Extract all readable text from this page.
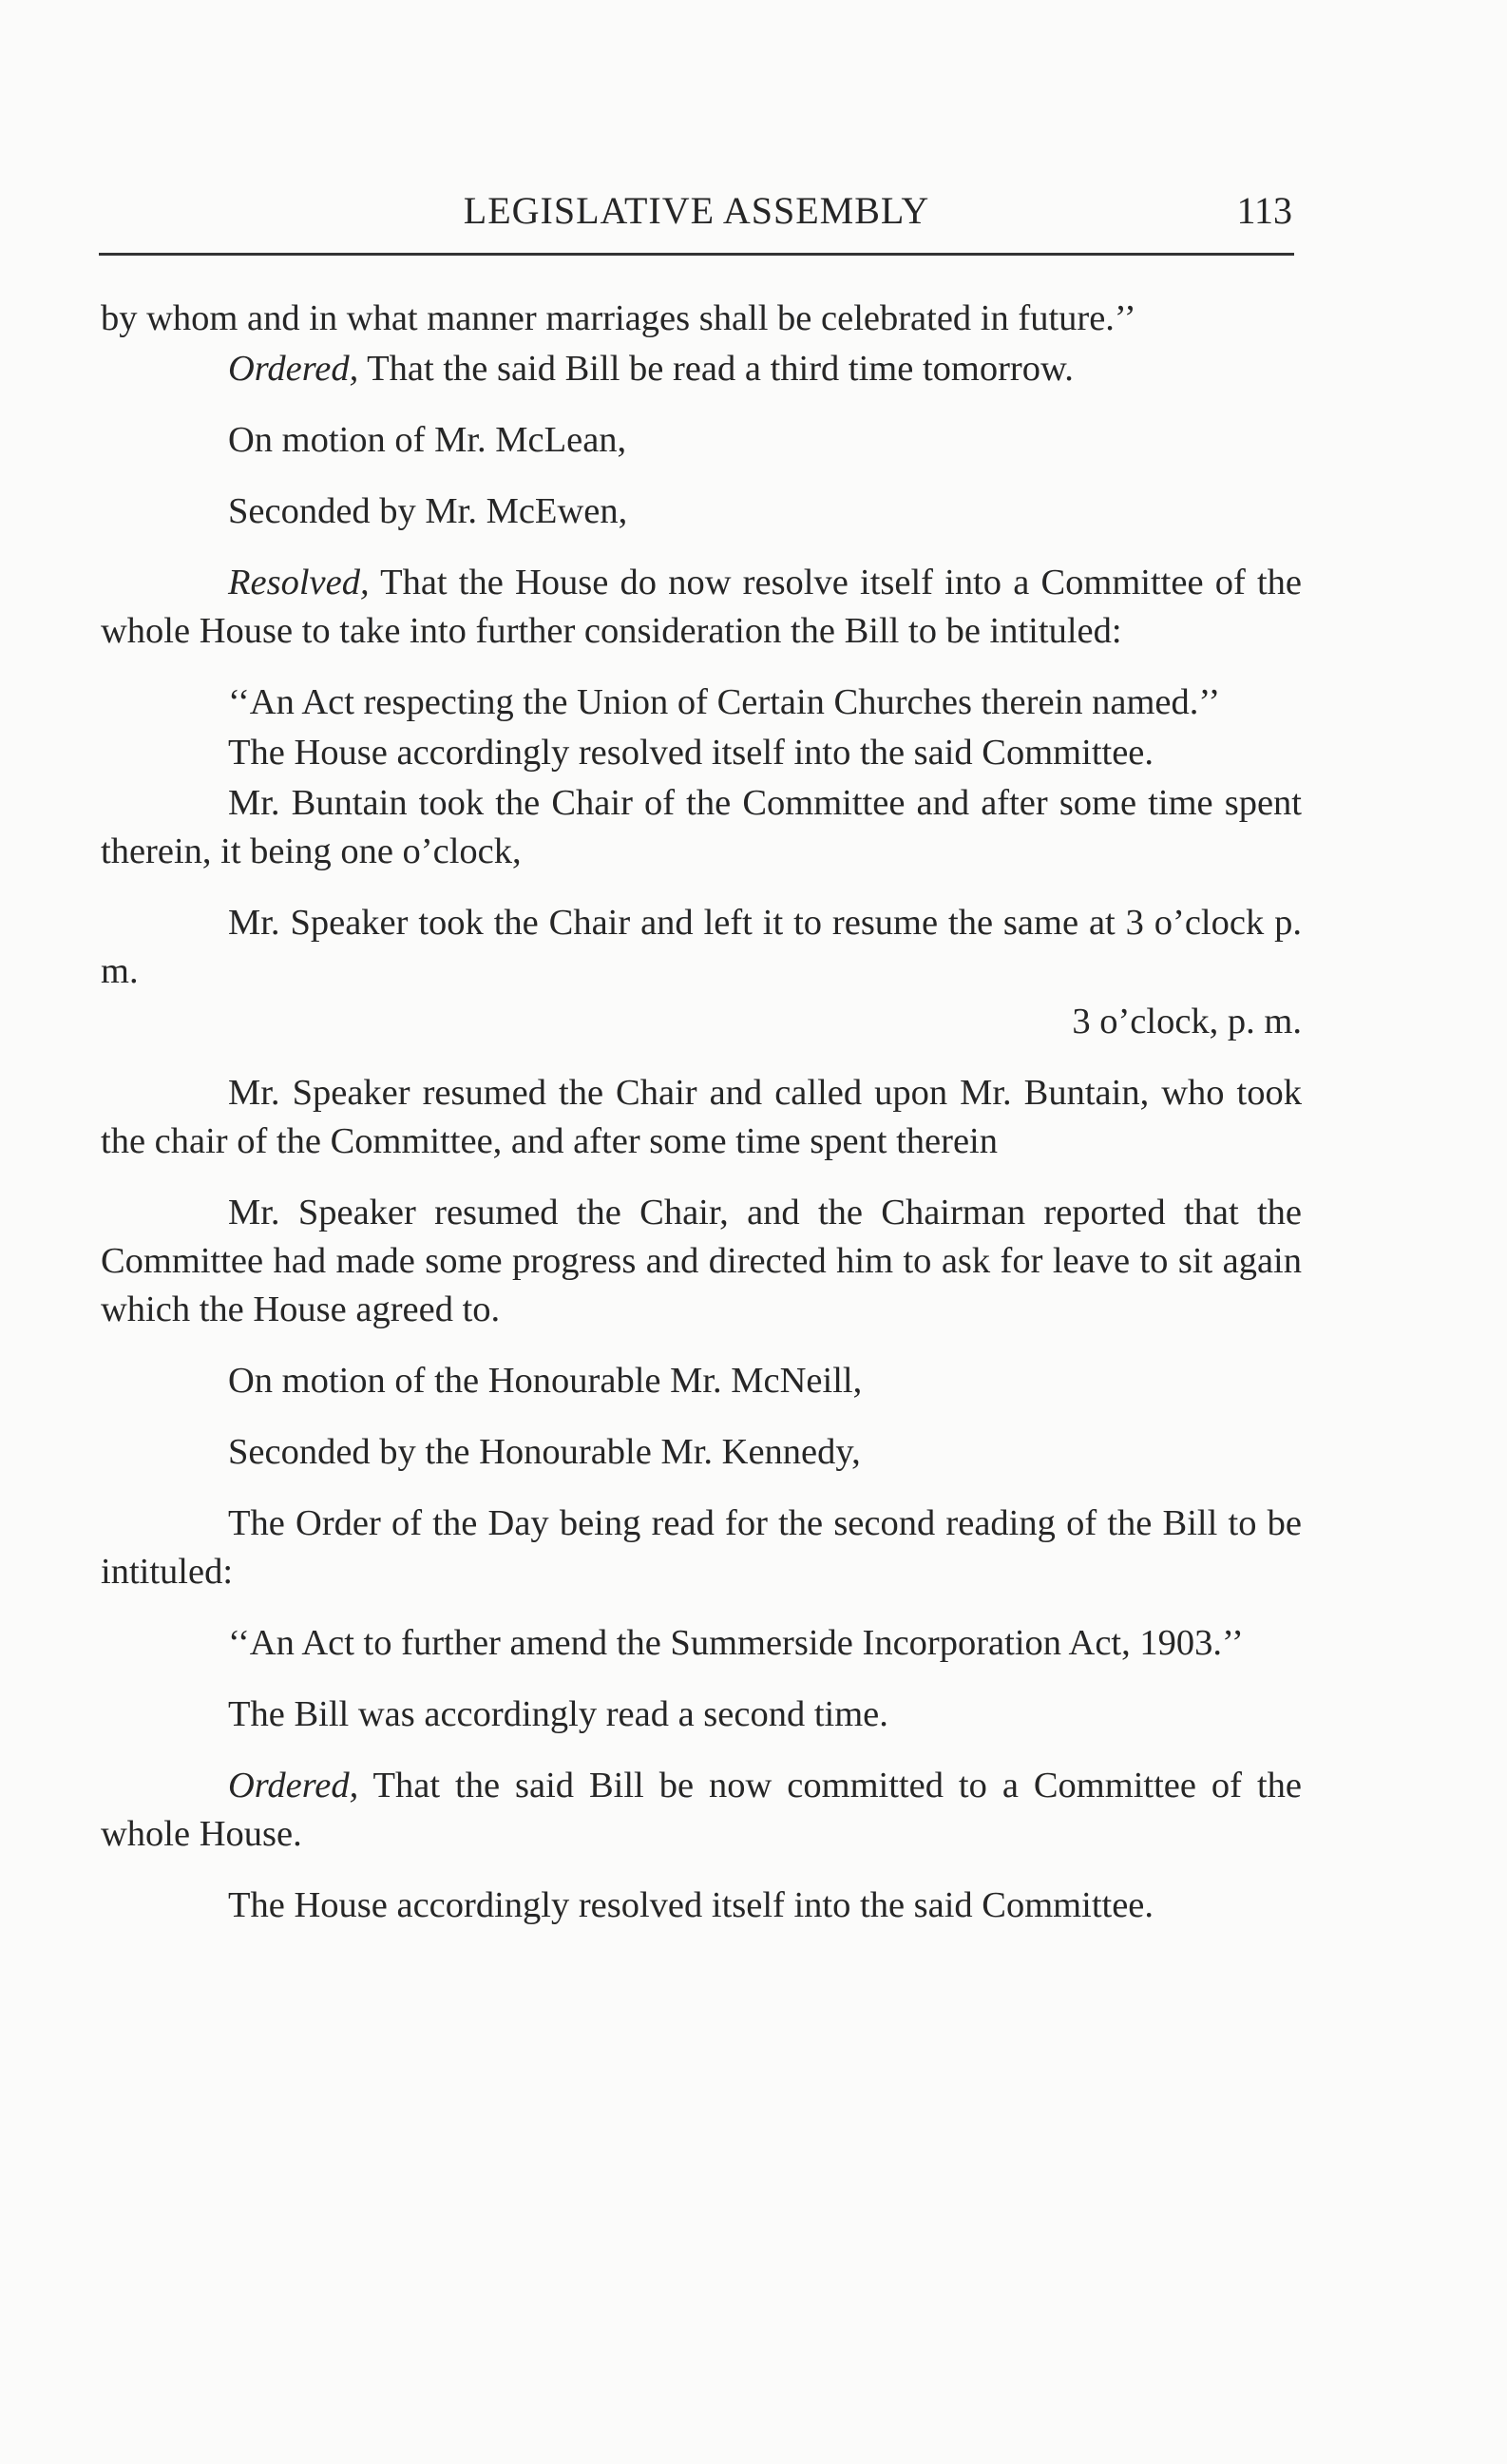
LEGISLATIVE ASSEMBLY	113

by whom and in what manner marriages shall be celebrated in future.’’

Ordered, That the said Bill be read a third time tomorrow.

On motion of Mr. McLean,

Seconded by Mr. McEwen,

Resolved, That the House do now resolve itself into a Committee of the whole House to take into further consideration the Bill to be intituled:

‘‘An Act respecting the Union of Certain Churches therein named.’’

The House accordingly resolved itself into the said Committee.

Mr. Buntain took the Chair of the Committee and after some time spent therein, it being one o’clock,

Mr. Speaker took the Chair and left it to resume the same at 3 o’clock p. m.

3 o’clock, p. m.

Mr. Speaker resumed the Chair and called upon Mr. Buntain, who took the chair of the Committee, and after some time spent therein

Mr. Speaker resumed the Chair, and the Chairman reported that the Committee had made some progress and directed him to ask for leave to sit again which the House agreed to.

On motion of the Honourable Mr. McNeill,

Seconded by the Honourable Mr. Kennedy,

The Order of the Day being read for the second reading of the Bill to be intituled:

‘‘An Act to further amend the Summerside Incorporation Act, 1903.’’

The Bill was accordingly read a second time.

Ordered, That the said Bill be now committed to a Committee of the whole House.

The House accordingly resolved itself into the said Committee.
